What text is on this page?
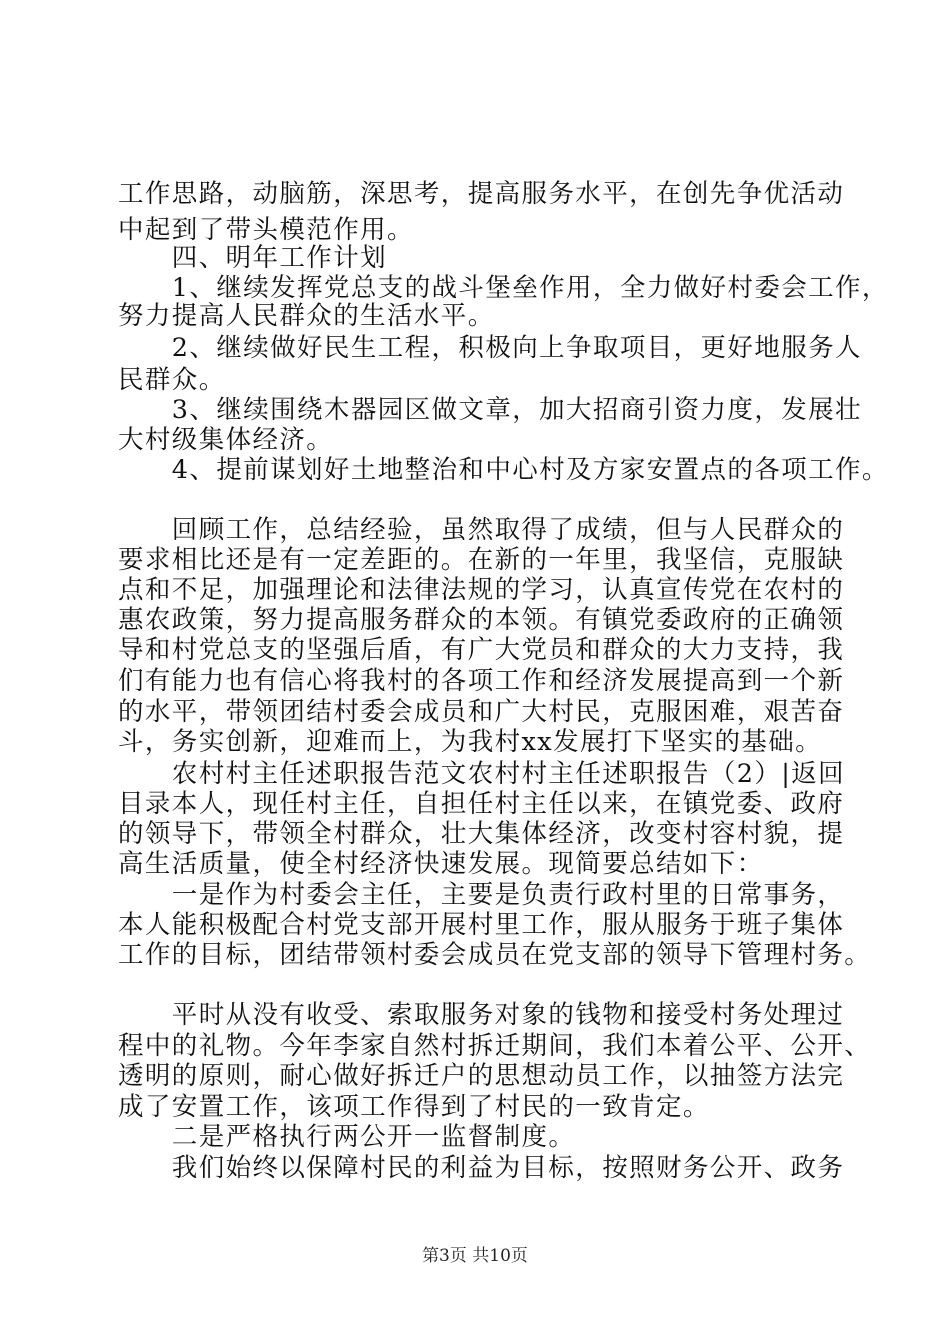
工作思路，动脑筋，深思考，提高服务水平，在创先争优活动
中起到了带头模范作用。
　　四、明年工作计划
　　1、继续发挥党总支的战斗堡垒作用，全力做好村委会工作，
努力提高人民群众的生活水平。
　　2、继续做好民生工程，积极向上争取项目，更好地服务人
民群众。
　　3、继续围绕木器园区做文章，加大招商引资力度，发展壮
大村级集体经济。
　　4、提前谋划好土地整治和中心村及方家安置点的各项工作。
　　回顾工作，总结经验，虽然取得了成绩，但与人民群众的
要求相比还是有一定差距的。在新的一年里，我坚信，克服缺
点和不足，加强理论和法律法规的学习，认真宣传党在农村的
惠农政策，努力提高服务群众的本领。有镇党委政府的正确领
导和村党总支的坚强后盾，有广大党员和群众的大力支持，我
们有能力也有信心将我村的各项工作和经济发展提高到一个新
的水平，带领团结村委会成员和广大村民，克服困难，艰苦奋
斗，务实创新，迎难而上，为我村xx发展打下坚实的基础。
　　农村村主任述职报告范文农村村主任述职报告（2）|返回
目录本人，现任村主任，自担任村主任以来，在镇党委、政府
的领导下，带领全村群众，壮大集体经济，改变村容村貌，提
高生活质量，使全村经济快速发展。现简要总结如下：
　　一是作为村委会主任，主要是负责行政村里的日常事务，
本人能积极配合村党支部开展村里工作，服从服务于班子集体
工作的目标，团结带领村委会成员在党支部的领导下管理村务。
　　平时从没有收受、索取服务对象的钱物和接受村务处理过
程中的礼物。今年李家自然村拆迁期间，我们本着公平、公开、
透明的原则，耐心做好拆迁户的思想动员工作，以抽签方法完
成了安置工作，该项工作得到了村民的一致肯定。
　　二是严格执行两公开一监督制度。
　　我们始终以保障村民的利益为目标，按照财务公开、政务
第3页 共10页
